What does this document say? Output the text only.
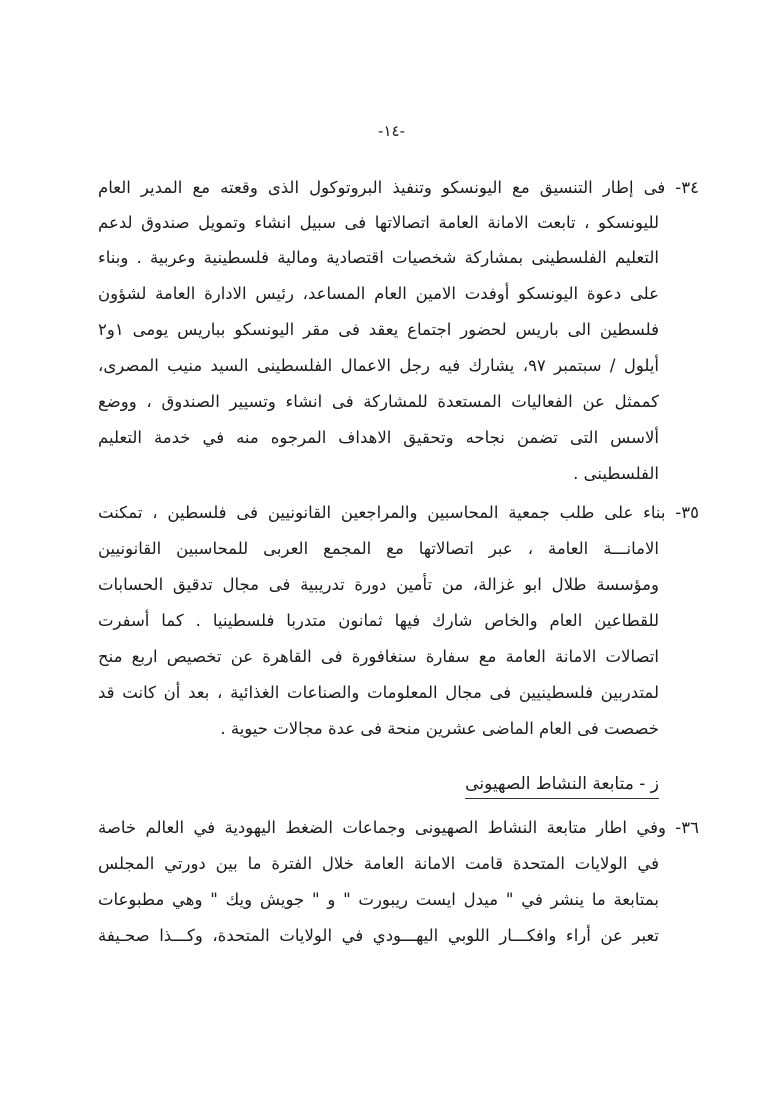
-١٤-
٣٤- فى إطار التنسيق مع اليونسكو وتنفيذ البروتوكول الذى وقعته مع المدير العام
لليونسكو ، تابعت الامانة العامة اتصالاتها فى سبيل انشاء وتمويل صندوق لدعم
التعليم الفلسطينى بمشاركة شخصيات اقتصادية ومالية فلسطينية وعربية . وبناء
على دعوة اليونسكو أوفدت الامين العام المساعد، رئيس الادارة العامة لشؤون
فلسطين الى باريس لحضور اجتماع يعقد فى مقر اليونسكو بباريس يومى ١و٢
أيلول / سبتمبر ٩٧، يشارك فيه رجل الاعمال الفلسطينى السيد منيب المصرى،
كممثل عن الفعاليات المستعدة للمشاركة فى انشاء وتسيير الصندوق ، ووضع
ألاسس التى تضمن نجاحه وتحقيق الاهداف المرجوه منه في خدمة التعليم
الفلسطينى .
٣٥- بناء على طلب جمعية المحاسبين والمراجعين القانونيين فى فلسطين ، تمكنت
الامانـــة العامة ، عبر اتصالاتها مع المجمع العربى للمحاسبين القانونيين
ومؤسسة طلال ابو غزالة، من تأمين دورة تدريبية فى مجال تدقيق الحسابات
للقطاعين العام والخاص شارك فيها ثمانون متدربا فلسطينيا . كما أسفرت
اتصالات الامانة العامة مع سفارة سنغافورة فى القاهرة عن تخصيص اربع منح
لمتدربين فلسطينيين فى مجال المعلومات والصناعات الغذائية ، بعد أن كانت قد
خصصت فى العام الماضى عشرين منحة فى عدة مجالات حيوية .
ز - متابعة النشاط الصهيونى
٣٦- وفي اطار متابعة النشاط الصهيونى وجماعات الضغط اليهودية في العالم خاصة
في الولايات المتحدة قامت الامانة العامة خلال الفترة ما بين دورتي المجلس
بمتابعة ما ينشر في " ميدل ايست ريبورت " و " جويش ويك " وهي مطبوعات
تعبر عن أراء وافكـــار اللوبي اليهـــودي في الولايات المتحدة، وكـــذا صحـيفة
